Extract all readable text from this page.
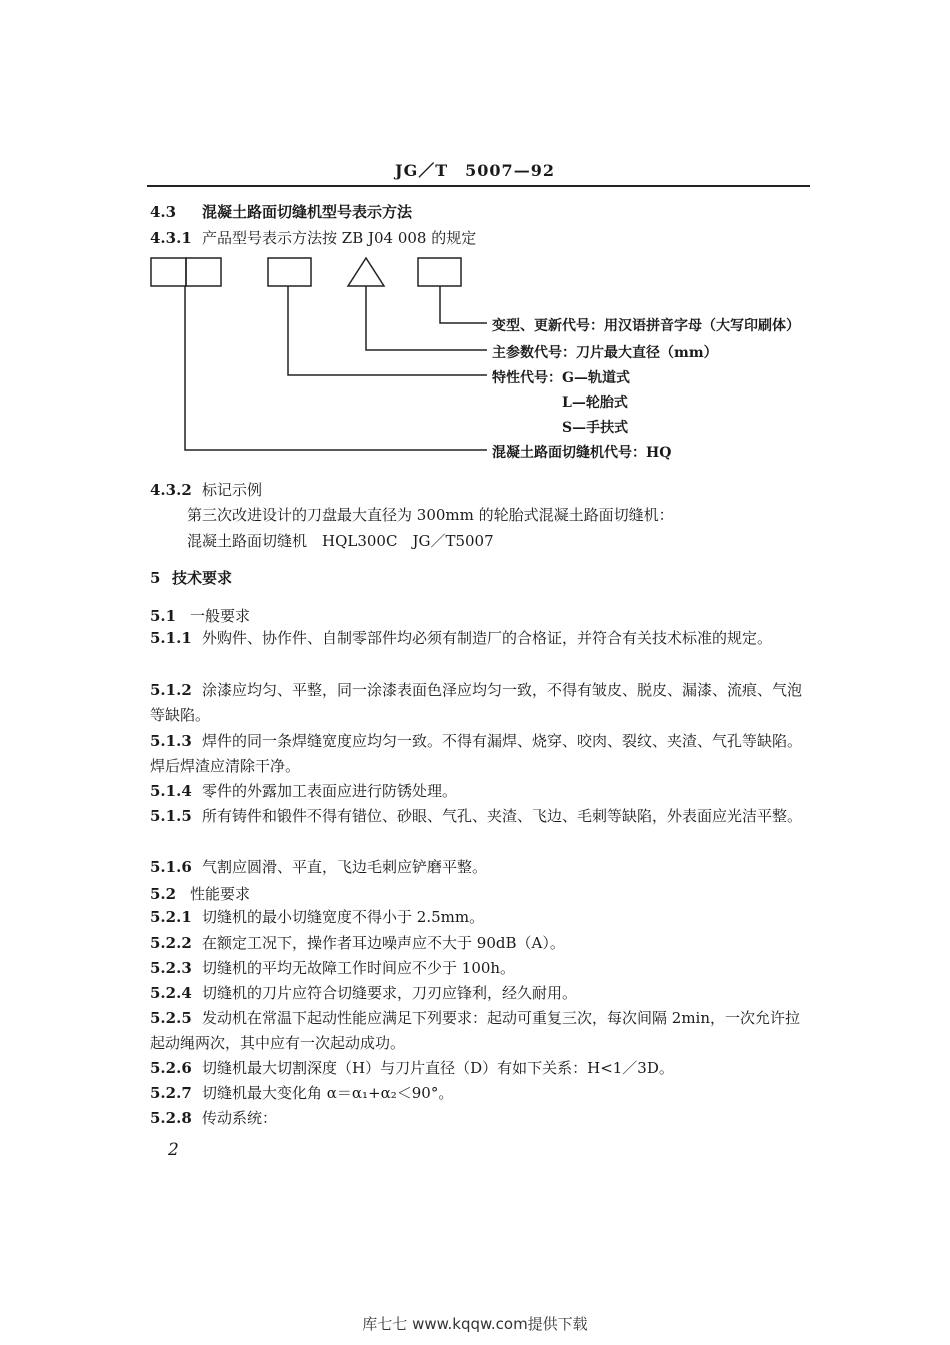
JG／T　5007—92
4.3 混凝土路面切缝机型号表示方法
4.3.1 产品型号表示方法按 ZB J04 008 的规定
变型、更新代号：用汉语拼音字母（大写印刷体）
主参数代号：刀片最大直径（mm）
特性代号：G—轨道式
L—轮胎式
S—手扶式
混凝土路面切缝机代号：HQ
4.3.2 标记示例
第三次改进设计的刀盘最大直径为 300mm 的轮胎式混凝土路面切缝机：
混凝土路面切缝机　HQL300C　JG／T5007
5 技术要求
5.1 一般要求
5.1.1 外购件、协作件、自制零部件均必须有制造厂的合格证，并符合有关技术标准的规定。
5.1.2 涂漆应均匀、平整，同一涂漆表面色泽应均匀一致，不得有皱皮、脱皮、漏漆、流痕、气泡等缺陷。
5.1.3 焊件的同一条焊缝宽度应均匀一致。不得有漏焊、烧穿、咬肉、裂纹、夹渣、气孔等缺陷。焊后焊渣应清除干净。
5.1.4 零件的外露加工表面应进行防锈处理。
5.1.5 所有铸件和锻件不得有错位、砂眼、气孔、夹渣、飞边、毛刺等缺陷，外表面应光洁平整。
5.1.6 气割应圆滑、平直，飞边毛刺应铲磨平整。
5.2 性能要求
5.2.1 切缝机的最小切缝宽度不得小于 2.5mm。
5.2.2 在额定工况下，操作者耳边噪声应不大于 90dB（A）。
5.2.3 切缝机的平均无故障工作时间应不少于 100h。
5.2.4 切缝机的刀片应符合切缝要求，刀刃应锋利，经久耐用。
5.2.5 发动机在常温下起动性能应满足下列要求：起动可重复三次，每次间隔 2min，一次允许拉起动绳两次，其中应有一次起动成功。
5.2.6 切缝机最大切割深度（H）与刀片直径（D）有如下关系：H<1／3D。
5.2.7 切缝机最大变化角 α＝α₁+α₂＜90°。
5.2.8 传动系统：
2
库七七 www.kqqw.com提供下载
